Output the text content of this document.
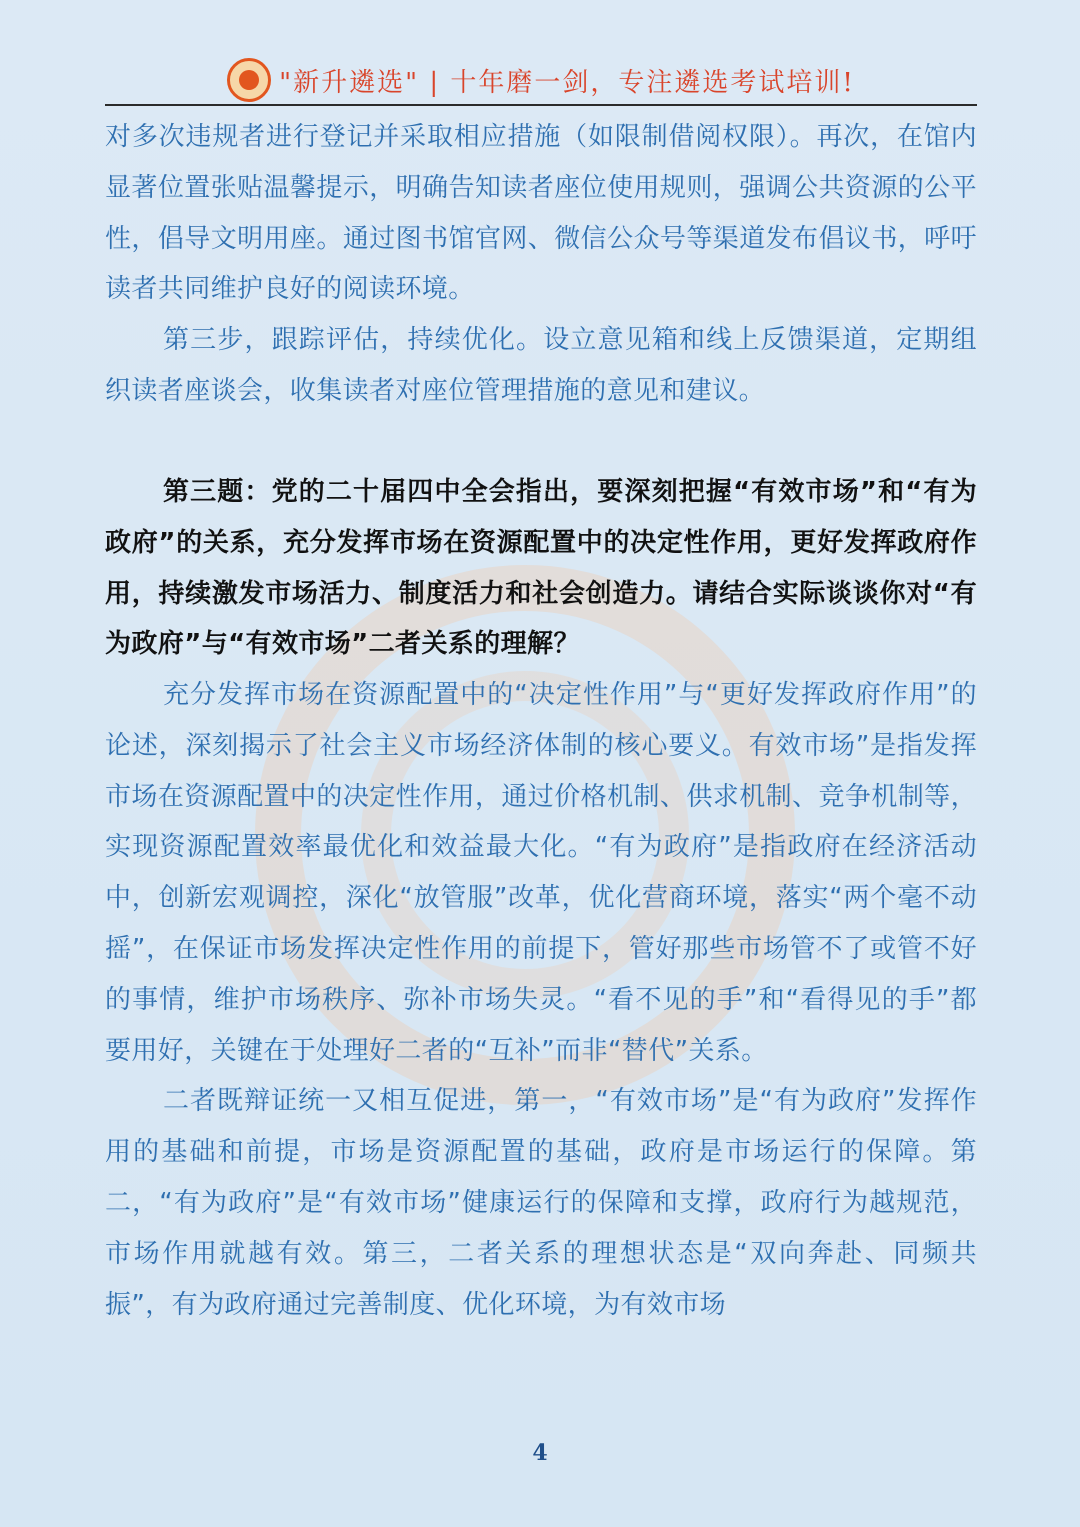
"新升遴选" | 十年磨一剑，专注遴选考试培训!

对多次违规者进行登记并采取相应措施（如限制借阅权限）。再次，在馆内显著位置张贴温馨提示，明确告知读者座位使用规则，强调公共资源的公平性，倡导文明用座。通过图书馆官网、微信公众号等渠道发布倡议书，呼吁读者共同维护良好的阅读环境。

第三步，跟踪评估，持续优化。设立意见箱和线上反馈渠道，定期组织读者座谈会，收集读者对座位管理措施的意见和建议。

第三题：党的二十届四中全会指出，要深刻把握“有效市场”和“有为政府”的关系，充分发挥市场在资源配置中的决定性作用，更好发挥政府作用，持续激发市场活力、制度活力和社会创造力。请结合实际谈谈你对“有为政府”与“有效市场”二者关系的理解？

充分发挥市场在资源配置中的“决定性作用”与“更好发挥政府作用”的论述，深刻揭示了社会主义市场经济体制的核心要义。有效市场”是指发挥市场在资源配置中的决定性作用，通过价格机制、供求机制、竞争机制等，实现资源配置效率最优化和效益最大化。“有为政府”是指政府在经济活动中，创新宏观调控，深化“放管服”改革，优化营商环境，落实“两个毫不动摇”，在保证市场发挥决定性作用的前提下，管好那些市场管不了或管不好的事情，维护市场秩序、弥补市场失灵。“看不见的手”和“看得见的手”都要用好，关键在于处理好二者的“互补”而非“替代”关系。

二者既辩证统一又相互促进，第一，“有效市场”是“有为政府”发挥作用的基础和前提，市场是资源配置的基础，政府是市场运行的保障。第二，“有为政府”是“有效市场”健康运行的保障和支撑，政府行为越规范，市场作用就越有效。第三，二者关系的理想状态是“双向奔赴、同频共振”，有为政府通过完善制度、优化环境，为有效市场

4
